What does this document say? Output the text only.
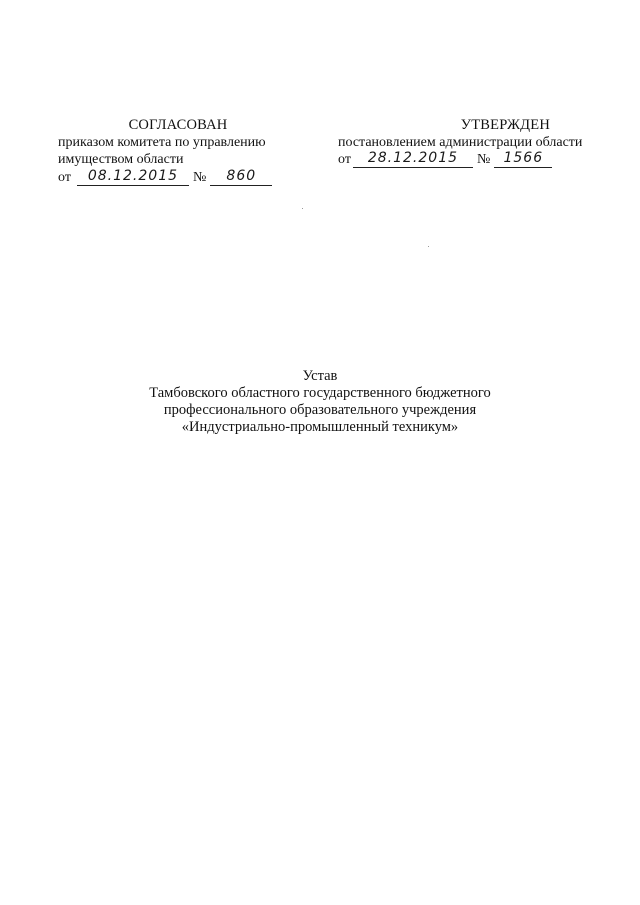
СОГЛАСОВАН
приказом комитета по управлению
имуществом области
от	08.12.2015	№	860
УТВЕРЖДЕН
постановлением администрации области
от	28.12.2015	№ 1566
Устав
Тамбовского областного государственного бюджетного
профессионального образовательного учреждения
«Индустриально-промышленный техникум»
